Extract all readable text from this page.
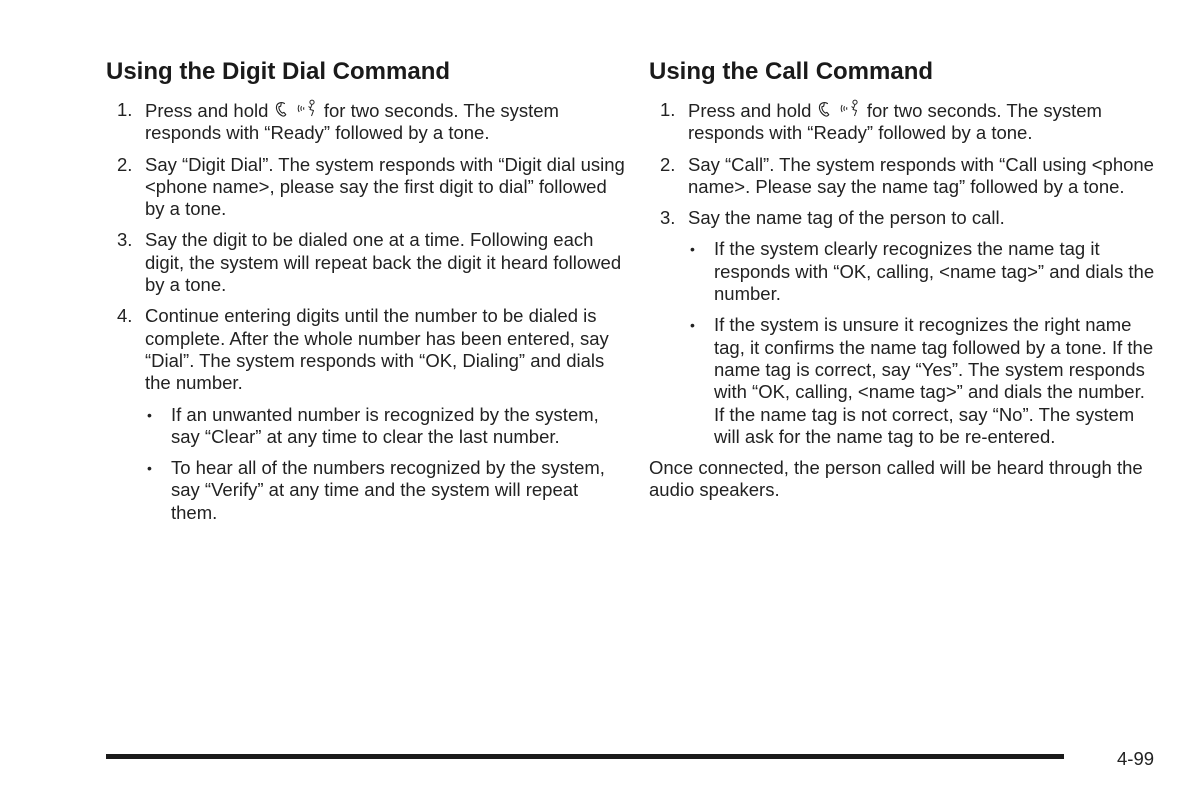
Using the Digit Dial Command
1. Press and hold
	for two seconds. The system responds with “Ready” followed by a tone.
2. Say “Digit Dial”. The system responds with “Digit dial using <phone name>, please say the first digit to dial” followed by a tone.
3. Say the digit to be dialed one at a time. Following each digit, the system will repeat back the digit it heard followed by a tone.
4. Continue entering digits until the number to be dialed is complete. After the whole number has been entered, say “Dial”. The system responds with “OK, Dialing” and dials the number.
• If an unwanted number is recognized by the system, say “Clear” at any time to clear the last number.
• To hear all of the numbers recognized by the system, say “Verify” at any time and the system will repeat them.
Using the Call Command
1. Press and hold
	for two seconds. The system responds with “Ready” followed by a tone.
2. Say “Call”. The system responds with “Call using <phone name>. Please say the name tag” followed by a tone.
3. Say the name tag of the person to call.
• If the system clearly recognizes the name tag it responds with “OK, calling, <name tag>” and dials the number.
• If the system is unsure it recognizes the right name tag, it confirms the name tag followed by a tone. If the name tag is correct, say “Yes”. The system responds with “OK, calling, <name tag>” and dials the number. If the name tag is not correct, say “No”. The system will ask for the name tag to be re-entered.

Once connected, the person called will be heard through the audio speakers.

4-99
